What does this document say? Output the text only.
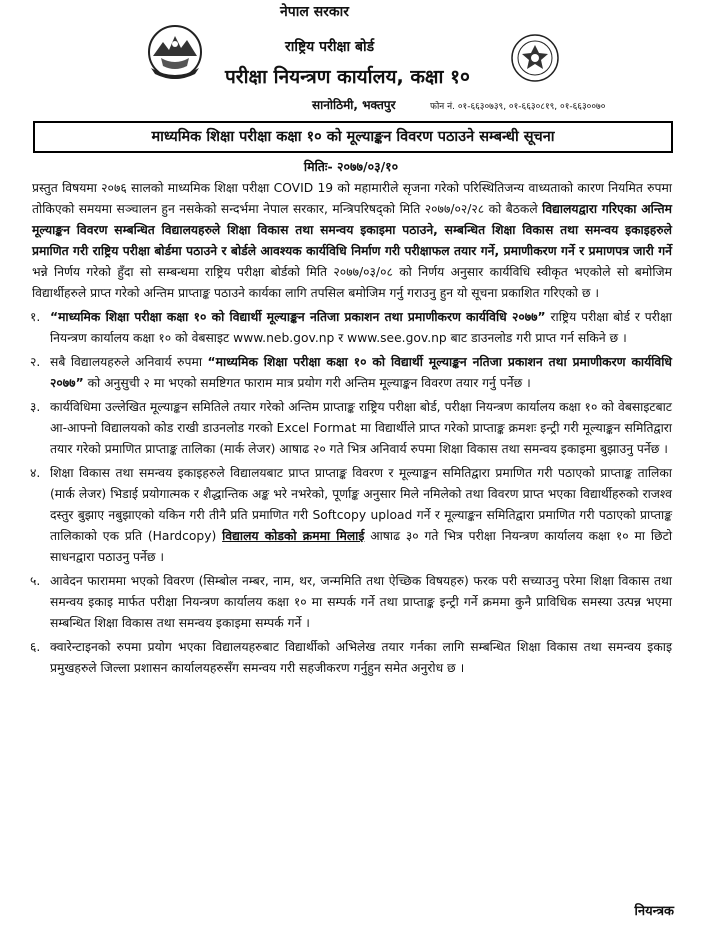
नेपाल सरकार
राष्ट्रिय परीक्षा बोर्ड
परीक्षा नियन्त्रण कार्यालय, कक्षा १०
सानोठिमी, भक्तपुर	फोन नं. ०१-६६३०७३९, ०१-६६३०८१९, ०१-६६३००७०
माध्यमिक शिक्षा परीक्षा कक्षा १० को मूल्याङ्कन विवरण पठाउने सम्बन्धी सूचना
मितिः- २०७७/०३/१०

प्रस्तुत विषयमा २०७६ सालको माध्यमिक शिक्षा परीक्षा COVID 19 को महामारीले सृजना गरेको परिस्थितिजन्य वाध्यताको कारण नियमित रुपमा तोकिएको समयमा सञ्चालन हुन नसकेको सन्दर्भमा नेपाल सरकार, मन्त्रिपरिषद्को मिति २०७७/०२/२८ को बैठकले विद्यालयद्वारा गरिएका अन्तिम मूल्याङ्कन विवरण सम्बन्धित विद्यालयहरुले शिक्षा विकास तथा समन्वय इकाइमा पठाउने, सम्बन्धित शिक्षा विकास तथा समन्वय इकाइहरुले प्रमाणित गरी राष्ट्रिय परीक्षा बोर्डमा पठाउने र बोर्डले आवश्यक कार्यविधि निर्माण गरी परीक्षाफल तयार गर्ने, प्रमाणीकरण गर्ने र प्रमाणपत्र जारी गर्ने भन्ने निर्णय गरेको हुँदा सो सम्बन्धमा राष्ट्रिय परीक्षा बोर्डको मिति २०७७/०३/०८ को निर्णय अनुसार कार्यविधि स्वीकृत भएकोले सो बमोजिम विद्यार्थीहरुले प्राप्त गरेको अन्तिम प्राप्ताङ्क पठाउने कार्यका लागि तपसिल बमोजिम गर्नु गराउनु हुन यो सूचना प्रकाशित गरिएको छ ।

१. “माध्यमिक शिक्षा परीक्षा कक्षा १० को विद्यार्थी मूल्याङ्कन नतिजा प्रकाशन तथा प्रमाणीकरण कार्यविधि २०७७” राष्ट्रिय परीक्षा बोर्ड र परीक्षा नियन्त्रण कार्यालय कक्षा १० को वेबसाइट www.neb.gov.np र www.see.gov.np बाट डाउनलोड गरी प्राप्त गर्न सकिने छ ।
२. सबै विद्यालयहरुले अनिवार्य रुपमा “माध्यमिक शिक्षा परीक्षा कक्षा १० को विद्यार्थी मूल्याङ्कन नतिजा प्रकाशन तथा प्रमाणीकरण कार्यविधि २०७७” को अनुसुची २ मा भएको समष्टिगत फाराम मात्र प्रयोग गरी अन्तिम मूल्याङ्कन विवरण तयार गर्नु पर्नेछ ।
३. कार्यविधिमा उल्लेखित मूल्याङ्कन समितिले तयार गरेको अन्तिम प्राप्ताङ्क राष्ट्रिय परीक्षा बोर्ड, परीक्षा नियन्त्रण कार्यालय कक्षा १० को वेबसाइटबाट आ-आफ्नो विद्यालयको कोड राखी डाउनलोड गरको Excel Format मा विद्यार्थीले प्राप्त गरेको प्राप्ताङ्क क्रमशः इन्ट्री गरी मूल्याङ्कन समितिद्वारा तयार गरेको प्रमाणित प्राप्ताङ्क तालिका (मार्क लेजर) आषाढ २० गते भित्र अनिवार्य रुपमा शिक्षा विकास तथा समन्वय इकाइमा बुझाउनु पर्नेछ ।
४. शिक्षा विकास तथा समन्वय इकाइहरुले विद्यालयबाट प्राप्त प्राप्ताङ्क विवरण र मूल्याङ्कन समितिद्वारा प्रमाणित गरी पठाएको प्राप्ताङ्क तालिका (मार्क लेजर) भिडाई प्रयोगात्मक र शैद्धान्तिक अङ्क भरे नभरेको, पूर्णाङ्क अनुसार मिले नमिलेको तथा विवरण प्राप्त भएका विद्यार्थीहरुको राजश्व दस्तुर बुझाए नबुझाएको यकिन गरी तीनै प्रति प्रमाणित गरी Softcopy upload गर्ने र मूल्याङ्कन समितिद्वारा प्रमाणित गरी पठाएको प्राप्ताङ्क तालिकाको एक प्रति (Hardcopy) विद्यालय कोडको क्रममा मिलाई आषाढ ३० गते भित्र परीक्षा नियन्त्रण कार्यालय कक्षा १० मा छिटो साधनद्वारा पठाउनु पर्नेछ ।
५. आवेदन फाराममा भएको विवरण (सिम्बोल नम्बर, नाम, थर, जन्ममिति तथा ऐच्छिक विषयहरु) फरक परी सच्याउनु परेमा शिक्षा विकास तथा समन्वय इकाइ मार्फत परीक्षा नियन्त्रण कार्यालय कक्षा १० मा सम्पर्क गर्ने तथा प्राप्ताङ्क इन्ट्री गर्ने क्रममा कुनै प्राविधिक समस्या उत्पन्न भएमा सम्बन्धित शिक्षा विकास तथा समन्वय इकाइमा सम्पर्क गर्ने ।
६. क्वारेन्टाइनको रुपमा प्रयोग भएका विद्यालयहरुबाट विद्यार्थीको अभिलेख तयार गर्नका लागि सम्बन्धित शिक्षा विकास तथा समन्वय इकाइ प्रमुखहरुले जिल्ला प्रशासन कार्यालयहरुसँग समन्वय गरी सहजीकरण गर्नुहुन समेत अनुरोध छ ।
नियन्त्रक
